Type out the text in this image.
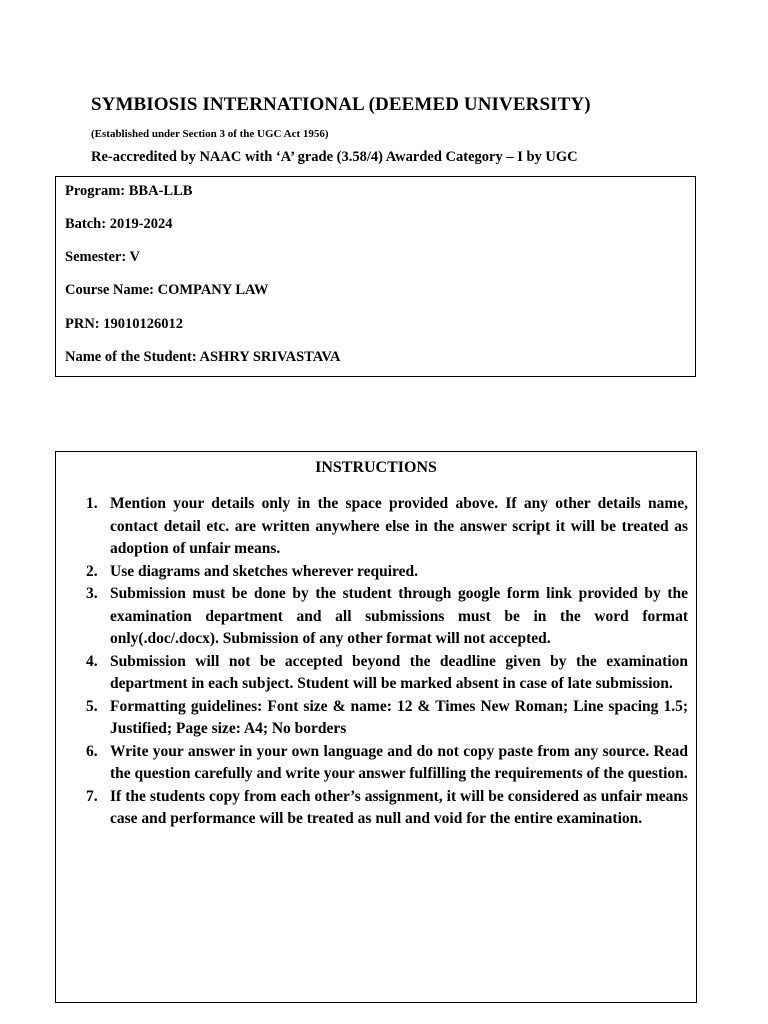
SYMBIOSIS INTERNATIONAL (DEEMED UNIVERSITY)
(Established under Section 3 of the UGC Act 1956)
Re-accredited by NAAC with ‘A’ grade (3.58/4) Awarded Category – I by UGC
Program: BBA-LLB
Batch: 2019-2024
Semester: V
Course Name: COMPANY LAW
PRN: 19010126012
Name of the Student: ASHRY SRIVASTAVA
INSTRUCTIONS
1. Mention your details only in the space provided above. If any other details name, contact detail etc. are written anywhere else in the answer script it will be treated as adoption of unfair means.
2. Use diagrams and sketches wherever required.
3. Submission must be done by the student through google form link provided by the examination department and all submissions must be in the word format only(.doc/.docx). Submission of any other format will not accepted.
4. Submission will not be accepted beyond the deadline given by the examination department in each subject. Student will be marked absent in case of late submission.
5. Formatting guidelines: Font size & name: 12 & Times New Roman; Line spacing 1.5; Justified; Page size: A4; No borders
6. Write your answer in your own language and do not copy paste from any source. Read the question carefully and write your answer fulfilling the requirements of the question.
7. If the students copy from each other’s assignment, it will be considered as unfair means case and performance will be treated as null and void for the entire examination.
